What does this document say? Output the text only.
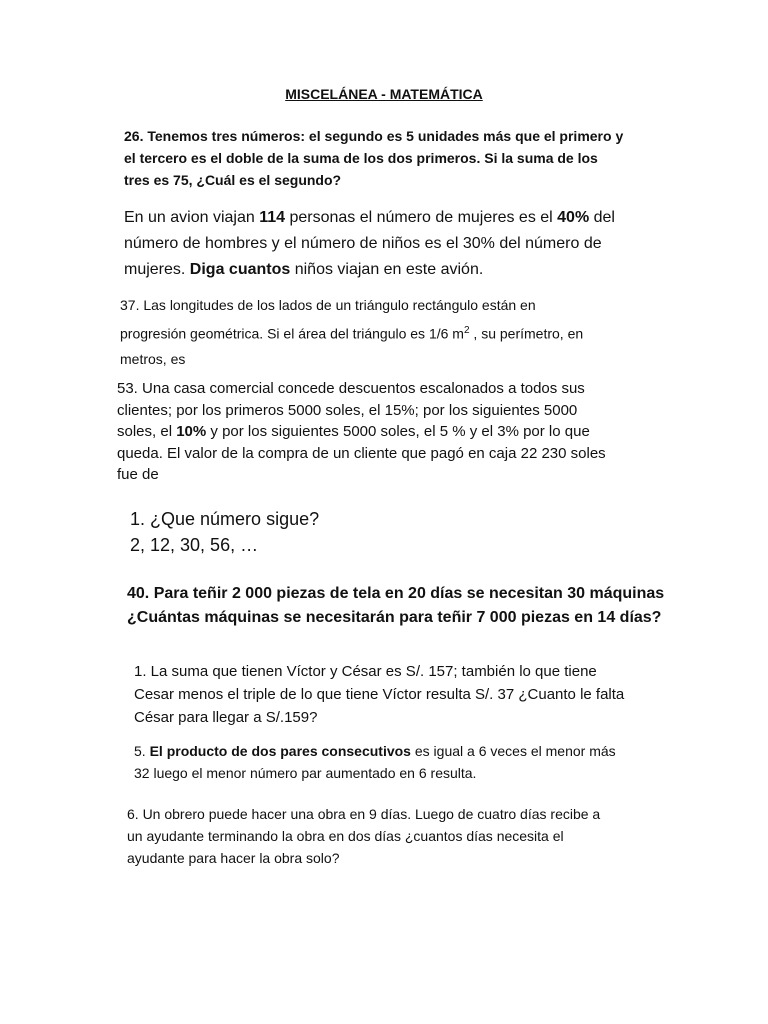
MISCELÁNEA - MATEMÁTICA

26. Tenemos tres números: el segundo es 5 unidades más que el primero y
el tercero es el doble de la suma de los dos primeros. Si la suma de los
tres es 75, ¿Cuál es el segundo?

En un avion viajan 114 personas el número de mujeres es el 40% del
número de hombres y el número de niños es el 30% del número de
mujeres. Diga cuantos niños viajan en este avión.

37. Las longitudes de los lados de un triángulo rectángulo están en
progresión geométrica. Si el área del triángulo es 1/6 $m^2$ , su perímetro, en
metros, es

53. Una casa comercial concede descuentos escalonados a todos sus
clientes; por los primeros 5000 soles, el 15%; por los siguientes 5000
soles, el 10% y por los siguientes 5000 soles, el 5 % y el 3% por lo que
queda. El valor de la compra de un cliente que pagó en caja 22 230 soles
fue de

1. ¿Que número sigue?
2, 12, 30, 56, …

40. Para teñir 2 000 piezas de tela en 20 días se necesitan 30 máquinas
¿Cuántas máquinas se necesitarán para teñir 7 000 piezas en 14 días?

1. La suma que tienen Víctor y César es S/. 157; también lo que tiene
Cesar menos el triple de lo que tiene Víctor resulta S/. 37 ¿Cuanto le falta
César para llegar a S/.159?

5. El producto de dos pares consecutivos es igual a 6 veces el menor más
32 luego el menor número par aumentado en 6 resulta.

6. Un obrero puede hacer una obra en 9 días. Luego de cuatro días recibe a
un ayudante terminando la obra en dos días ¿cuantos días necesita el
ayudante para hacer la obra solo?
